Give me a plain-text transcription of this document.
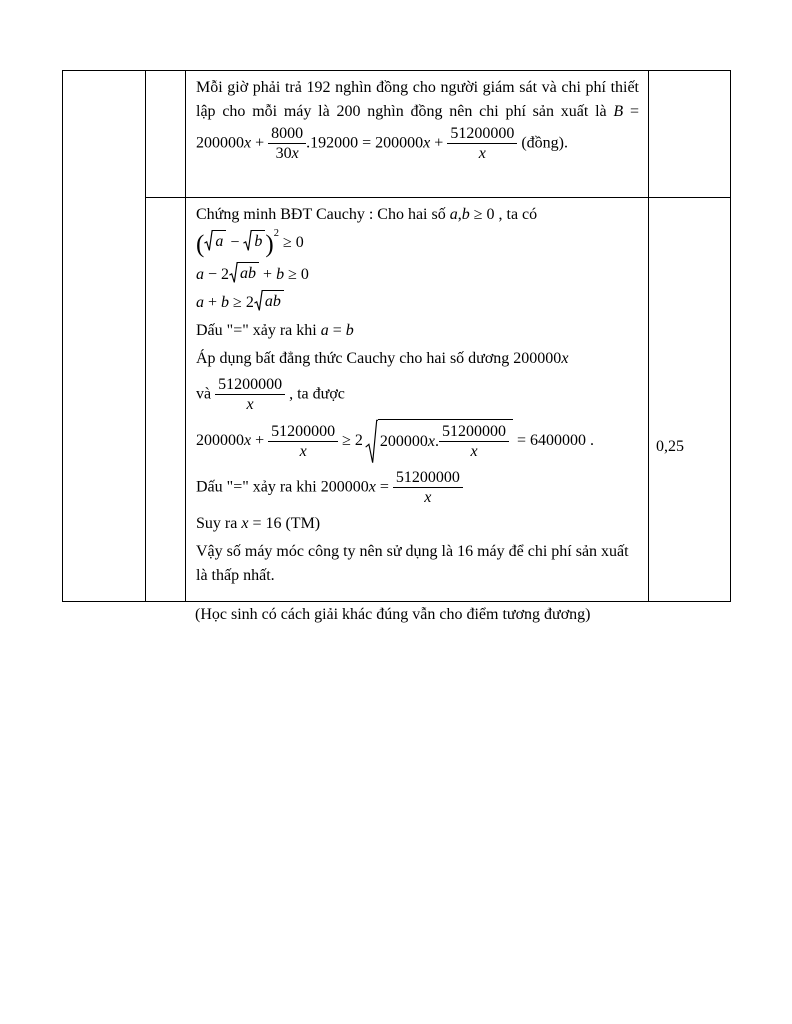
Mỗi giờ phải trả 192 nghìn đồng cho người giám sát và chi phí thiết lập cho mỗi máy là 200 nghìn đồng nên chi phí sản xuất là $B = 200000x + \frac{8000}{30x} .192000 = 200000x + \frac{51200000}{x}$ (đồng).

Chứng minh BĐT Cauchy : Cho hai số a,b ≥ 0 , ta có
( a − b )$^2$ ≥ 0
a − 2 ab + b ≥ 0
a + b ≥ 2 ab
Dấu "=" xảy ra khi a = b
Áp dụng bất đẳng thức Cauchy cho hai số dương 200000x
và $\frac{51200000}{x}$ , ta được
$200000x + \frac{51200000}{x} \ge 2$ 200000x. $\frac{51200000}{x} = 6400000$ .
Dấu "=" xảy ra khi $200000x = \frac{51200000}{x}$
Suy ra x = 16 (TM)
Vậy số máy móc công ty nên sử dụng là 16 máy để chi phí sản xuất là thấp nhất.
	0,25
(Học sinh có cách giải khác đúng vẫn cho điểm tương đương)
